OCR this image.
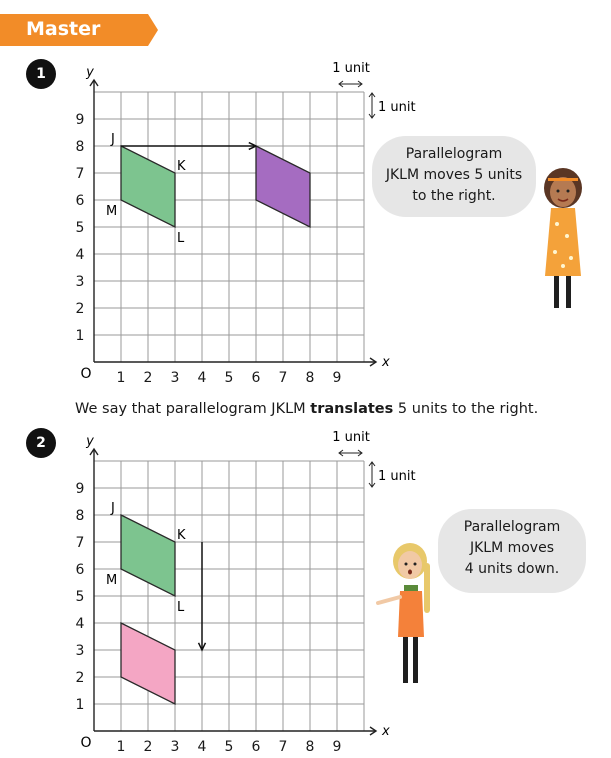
Master
1
2
1 2 3 4 5 6 7 8 9
1
2
3
4
5
6
7
8
9
O
x
y	1 unit
1 unit
J
K
L
M
We say that parallelogram JKLM translates 5 units to the right.
1 2 3 4 5 6 7 8 9
1
2
3
4
5
6
7
8
9
O
x
y	1 unit
1 unit
J
K
L
M
Parallelogram
JKLM moves 5 units
to the right.
Parallelogram
JKLM moves
4 units down.
